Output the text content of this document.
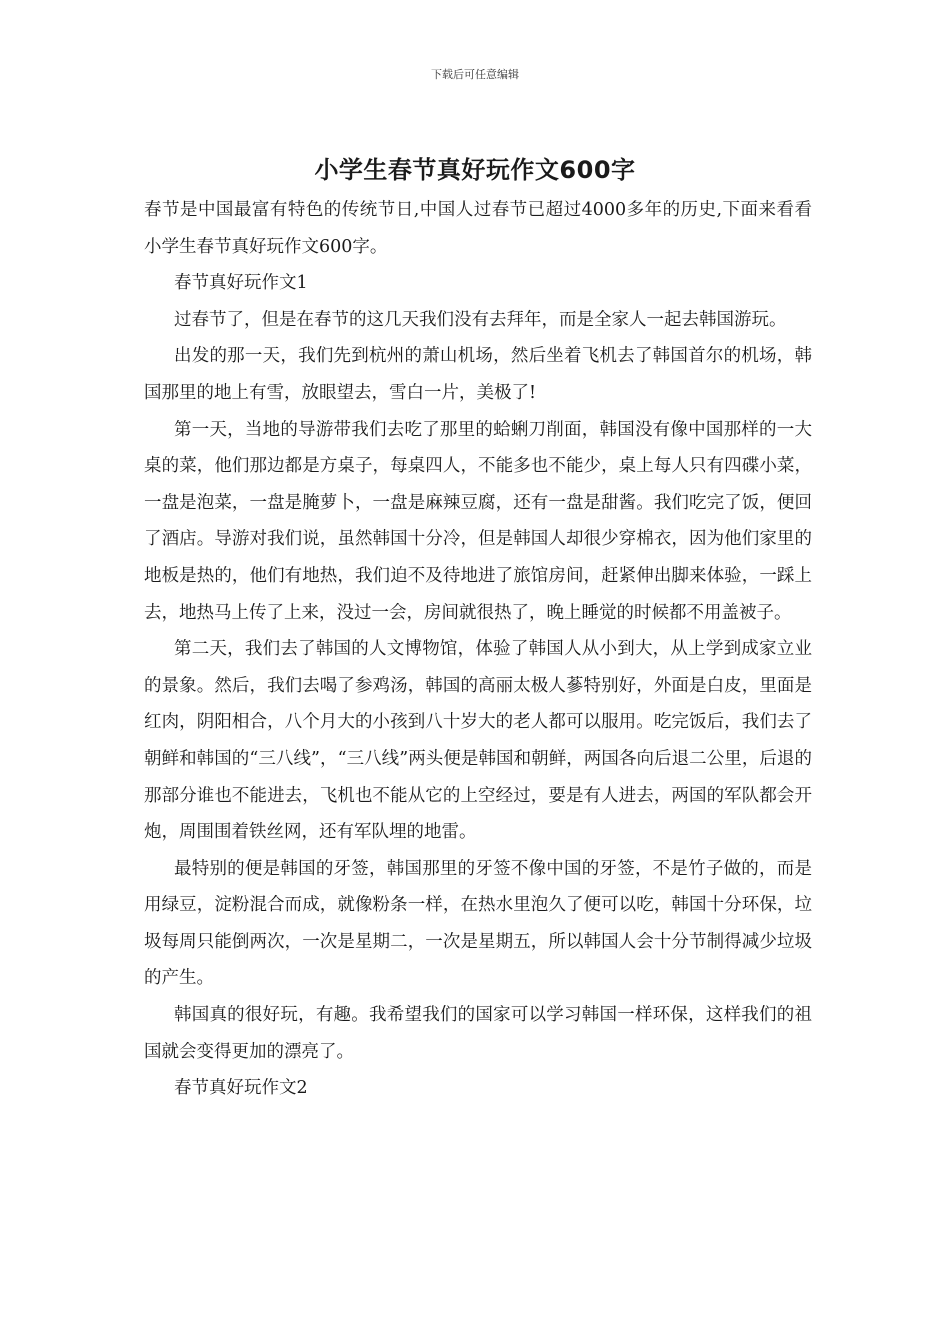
下载后可任意编辑
小学生春节真好玩作文600字

春节是中国最富有特色的传统节日,中国人过春节已超过4000多年的历史,下面来看看小学生春节真好玩作文600字。

春节真好玩作文1

过春节了，但是在春节的这几天我们没有去拜年，而是全家人一起去韩国游玩。

出发的那一天，我们先到杭州的萧山机场，然后坐着飞机去了韩国首尔的机场，韩国那里的地上有雪，放眼望去，雪白一片，美极了!

第一天，当地的导游带我们去吃了那里的蛤蜊刀削面，韩国没有像中国那样的一大桌的菜，他们那边都是方桌子，每桌四人，不能多也不能少，桌上每人只有四碟小菜，一盘是泡菜，一盘是腌萝卜，一盘是麻辣豆腐，还有一盘是甜酱。我们吃完了饭，便回了酒店。导游对我们说，虽然韩国十分冷，但是韩国人却很少穿棉衣，因为他们家里的地板是热的，他们有地热，我们迫不及待地进了旅馆房间，赶紧伸出脚来体验，一踩上去，地热马上传了上来，没过一会，房间就很热了，晚上睡觉的时候都不用盖被子。

第二天，我们去了韩国的人文博物馆，体验了韩国人从小到大，从上学到成家立业的景象。然后，我们去喝了参鸡汤，韩国的高丽太极人蔘特别好，外面是白皮，里面是红肉，阴阳相合，八个月大的小孩到八十岁大的老人都可以服用。吃完饭后，我们去了朝鲜和韩国的“三八线”，“三八线”两头便是韩国和朝鲜，两国各向后退二公里，后退的那部分谁也不能进去，飞机也不能从它的上空经过，要是有人进去，两国的军队都会开炮，周围围着铁丝网，还有军队埋的地雷。

最特别的便是韩国的牙签，韩国那里的牙签不像中国的牙签，不是竹子做的，而是用绿豆，淀粉混合而成，就像粉条一样，在热水里泡久了便可以吃，韩国十分环保，垃圾每周只能倒两次，一次是星期二，一次是星期五，所以韩国人会十分节制得减少垃圾的产生。

韩国真的很好玩，有趣。我希望我们的国家可以学习韩国一样环保，这样我们的祖国就会变得更加的漂亮了。

春节真好玩作文2
